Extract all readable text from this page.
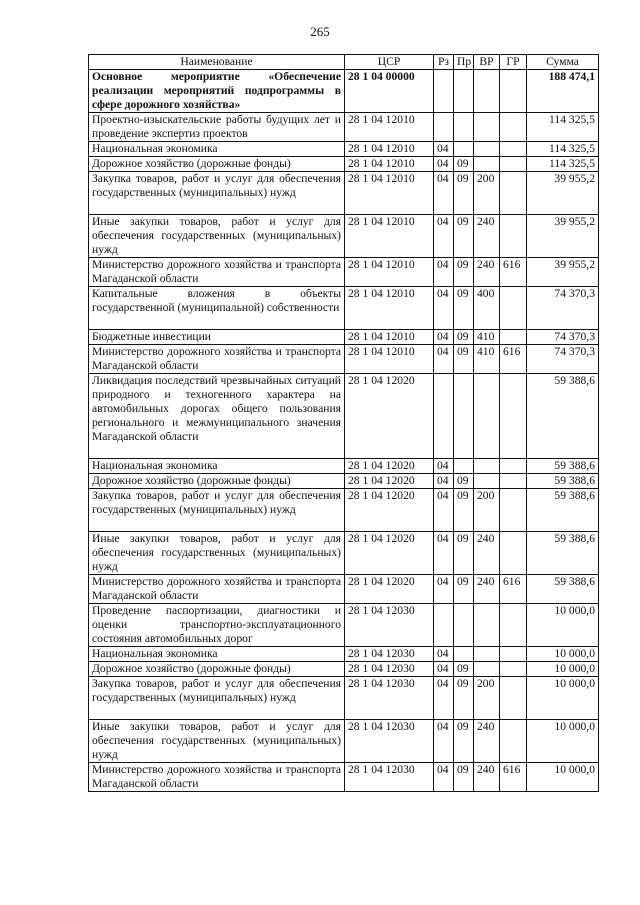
265
Наименование	ЦСР	Рз	Пр	ВР	ГР	Сумма
Основное мероприятие «Обеспечение реализации мероприятий подпрограммы в сфере дорожного хозяйства»	28 1 04 00000					188 474,1
Проектно-изыскательские работы будущих лет и проведение экспертиз проектов	28 1 04 12010					114 325,5
Национальная экономика	28 1 04 12010	04				114 325,5
Дорожное хозяйство (дорожные фонды)	28 1 04 12010	04	09			114 325,5
Закупка товаров, работ и услуг для обеспечения государственных (муниципальных) нужд	28 1 04 12010	04	09	200		39 955,2
Иные закупки товаров, работ и услуг для обеспечения государственных (муниципальных) нужд	28 1 04 12010	04	09	240		39 955,2
Министерство дорожного хозяйства и транспорта Магаданской области	28 1 04 12010	04	09	240	616	39 955,2
Капитальные вложения в объекты государственной (муниципальной) собственности	28 1 04 12010	04	09	400		74 370,3
Бюджетные инвестиции	28 1 04 12010	04	09	410		74 370,3
Министерство дорожного хозяйства и транспорта Магаданской области	28 1 04 12010	04	09	410	616	74 370,3
Ликвидация последствий чрезвычайных ситуаций природного и техногенного характера на автомобильных дорогах общего пользования регионального и межмуниципального значения Магаданской области	28 1 04 12020					59 388,6
Национальная экономика	28 1 04 12020	04				59 388,6
Дорожное хозяйство (дорожные фонды)	28 1 04 12020	04	09			59 388,6
Закупка товаров, работ и услуг для обеспечения государственных (муниципальных) нужд	28 1 04 12020	04	09	200		59 388,6
Иные закупки товаров, работ и услуг для обеспечения государственных (муниципальных) нужд	28 1 04 12020	04	09	240		59 388,6
Министерство дорожного хозяйства и транспорта Магаданской области	28 1 04 12020	04	09	240	616	59 388,6
Проведение паспортизации, диагностики и оценки транспортно-эксплуатационного состояния автомобильных дорог	28 1 04 12030					10 000,0
Национальная экономика	28 1 04 12030	04				10 000,0
Дорожное хозяйство (дорожные фонды)	28 1 04 12030	04	09			10 000,0
Закупка товаров, работ и услуг для обеспечения государственных (муниципальных) нужд	28 1 04 12030	04	09	200		10 000,0
Иные закупки товаров, работ и услуг для обеспечения государственных (муниципальных) нужд	28 1 04 12030	04	09	240		10 000,0
Министерство дорожного хозяйства и транспорта Магаданской области	28 1 04 12030	04	09	240	616	10 000,0
